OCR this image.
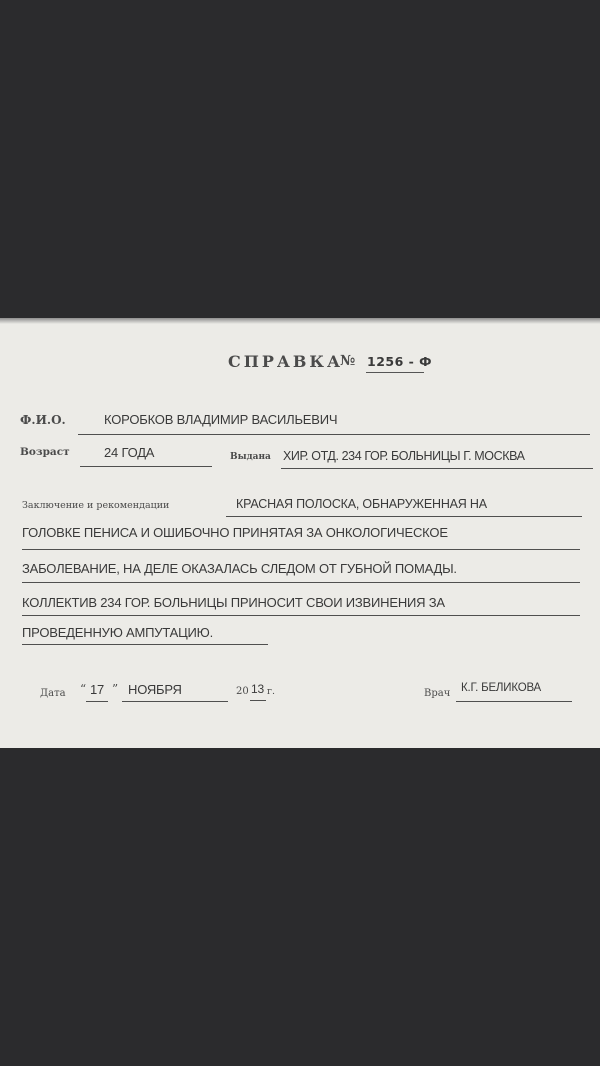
СПРАВКА
№ 1256 - Ф
Ф.И.О.	КОРОБКОВ ВЛАДИМИР ВАСИЛЬЕВИЧ
Возраст	24 ГОДА	Выдана ХИР. ОТД. 234 ГОР. БОЛЬНИЦЫ Г. МОСКВА
Заключение и рекомендации	КРАСНАЯ ПОЛОСКА, ОБНАРУЖЕННАЯ НА
ГОЛОВКЕ ПЕНИСА И ОШИБОЧНО ПРИНЯТАЯ ЗА ОНКОЛОГИЧЕСКОЕ
ЗАБОЛЕВАНИЕ, НА ДЕЛЕ ОКАЗАЛАСЬ СЛЕДОМ ОТ ГУБНОЙ ПОМАДЫ.
КОЛЛЕКТИВ 234 ГОР. БОЛЬНИЦЫ ПРИНОСИТ СВОИ ИЗВИНЕНИЯ ЗА
ПРОВЕДЕННУЮ АМПУТАЦИЮ.
Дата “ 17 ” НОЯБРЯ	20 13 г.	Врач К.Г. БЕЛИКОВА
